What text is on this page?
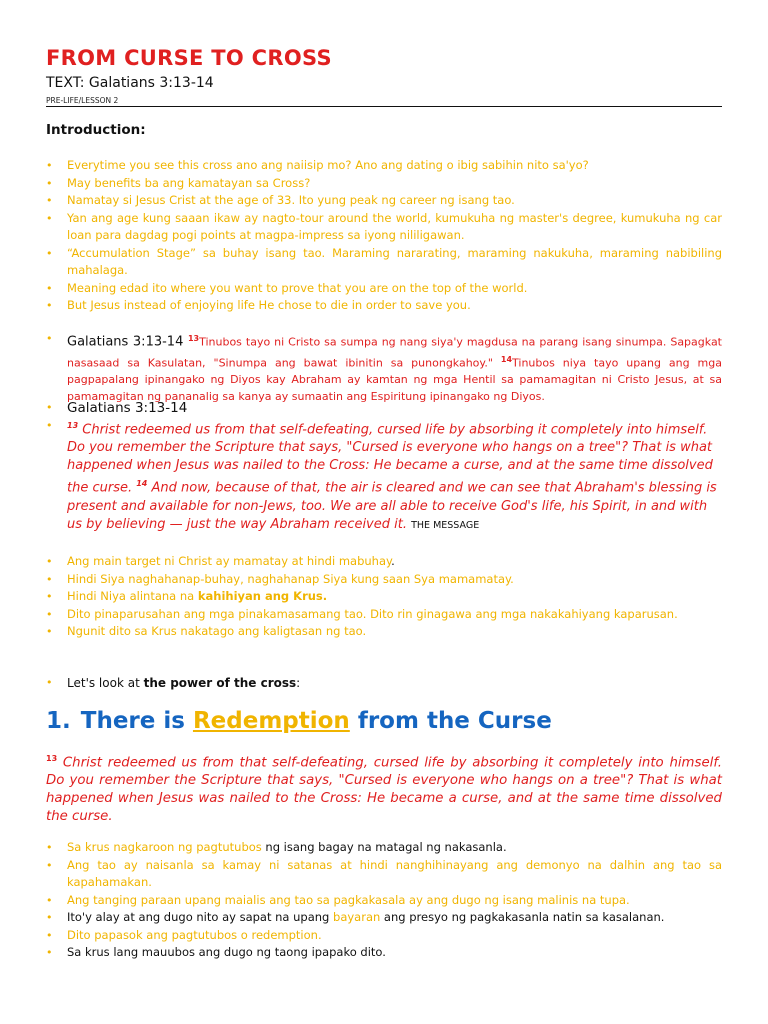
FROM CURSE TO CROSS
TEXT: Galatians 3:13-14
PRE-LIFE/LESSON 2
Introduction:
• Everytime you see this cross ano ang naiisip mo? Ano ang dating o ibig sabihin nito sa'yo?
• May benefits ba ang kamatayan sa Cross?
• Namatay si Jesus Crist at the age of 33. Ito yung peak ng career ng isang tao.
• Yan ang age kung saaan ikaw ay nagto-tour around the world, kumukuha ng master's degree, kumukuha ng car loan para dagdag pogi points at magpa-impress sa iyong nililigawan.
• “Accumulation Stage” sa buhay isang tao. Maraming nararating, maraming nakukuha, maraming nabibiling mahalaga.
• Meaning edad ito where you want to prove that you are on the top of the world.
• But Jesus instead of enjoying life He chose to die in order to save you.
• Galatians 3:13-14 $^{13}$Tinubos tayo ni Cristo sa sumpa ng nang siya'y magdusa na parang isang sinumpa. Sapagkat nasasaad sa Kasulatan, "Sinumpa ang bawat ibinitin sa punongkahoy." $^{14}$Tinubos niya tayo upang ang mga pagpapalang ipinangako ng Diyos kay Abraham ay kamtan ng mga Hentil sa pamamagitan ni Cristo Jesus, at sa pamamagitan ng pananalig sa kanya ay sumaatin ang Espiritung ipinangako ng Diyos.
• Galatians 3:13-14
• $^{13}$ Christ redeemed us from that self-defeating, cursed life by absorbing it completely into himself. Do you remember the Scripture that says, "Cursed is everyone who hangs on a tree"? That is what happened when Jesus was nailed to the Cross: He became a curse, and at the same time dissolved the curse. $^{14}$ And now, because of that, the air is cleared and we can see that Abraham's blessing is present and available for non-Jews, too. We are all able to receive God's life, his Spirit, in and with us by believing — just the way Abraham received it. THE MESSAGE
• Ang main target ni Christ ay mamatay at hindi mabuhay.
• Hindi Siya naghahanap-buhay, naghahanap Siya kung saan Sya mamamatay.
• Hindi Niya alintana na kahihiyan ang Krus.
• Dito pinaparusahan ang mga pinakamasamang tao. Dito rin ginagawa ang mga nakakahiyang kaparusan.
• Ngunit dito sa Krus nakatago ang kaligtasan ng tao.
• Let's look at the power of the cross:
1. There is Redemption from the Curse
$^{13}$ Christ redeemed us from that self-defeating, cursed life by absorbing it completely into himself. Do you remember the Scripture that says, "Cursed is everyone who hangs on a tree"? That is what happened when Jesus was nailed to the Cross: He became a curse, and at the same time dissolved the curse.
• Sa krus nagkaroon ng pagtutubos ng isang bagay na matagal ng nakasanla.
• Ang tao ay naisanla sa kamay ni satanas at hindi nanghihinayang ang demonyo na dalhin ang tao sa kapahamakan.
• Ang tanging paraan upang maialis ang tao sa pagkakasala ay ang dugo ng isang malinis na tupa.
• Ito'y alay at ang dugo nito ay sapat na upang bayaran ang presyo ng pagkakasanla natin sa kasalanan.
• Dito papasok ang pagtutubos o redemption.
• Sa krus lang mauubos ang dugo ng taong ipapako dito.
